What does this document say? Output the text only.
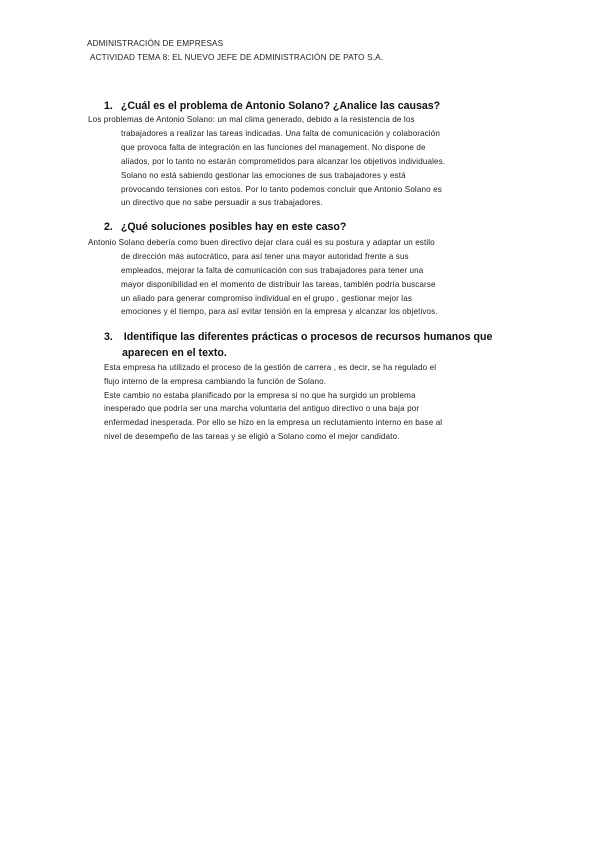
ADMINISTRACIÓN DE EMPRESAS
ACTIVIDAD TEMA 8: EL NUEVO JEFE DE ADMINISTRACIÓN DE PATO S.A.
1. ¿Cuál es el problema de Antonio Solano? ¿Analice las causas?
Los problemas de Antonio Solano: un mal clima generado, debido a la resistencia de los
trabajadores a realizar las tareas indicadas. Una falta de comunicación y colaboración
que provoca falta de integración en las funciones del management. No dispone de
aliados, por lo tanto no estarán comprometidos para alcanzar los objetivos individuales.
Solano no está sabiendo gestionar las emociones de sus trabajadores y está
provocando tensiones con estos. Por lo tanto podemos concluir que Antonio Solano es
un directivo que no sabe persuadir a sus trabajadores.
2. ¿Qué soluciones posibles hay en este caso?
Antonio Solano debería como buen directivo dejar clara cuál es su postura y adaptar un estilo
de dirección más autocrático, para así tener una mayor autoridad frente a sus
empleados, mejorar la falta de comunicación con sus trabajadores para tener una
mayor disponibilidad en el momento de distribuir las tareas, también podría buscarse
un aliado para generar compromiso individual en el grupo , gestionar mejor las
emociones y el tiempo, para así evitar tensión en la empresa y alcanzar los objetivos.
3. Identifique las diferentes prácticas o procesos de recursos humanos que
aparecen en el texto.
Esta empresa ha utilizado el proceso de la gestión de carrera , es decir, se ha regulado el
flujo interno de la empresa cambiando la función de Solano.
Este cambio no estaba planificado por la empresa si no que ha surgido un problema
inesperado que podría ser una marcha voluntaria del antiguo directivo o una baja por
enfermedad inesperada. Por ello se hizo en la empresa un reclutamiento interno en base al
nivel de desempeño de las tareas y se eligió a Solano como el mejor candidato.
